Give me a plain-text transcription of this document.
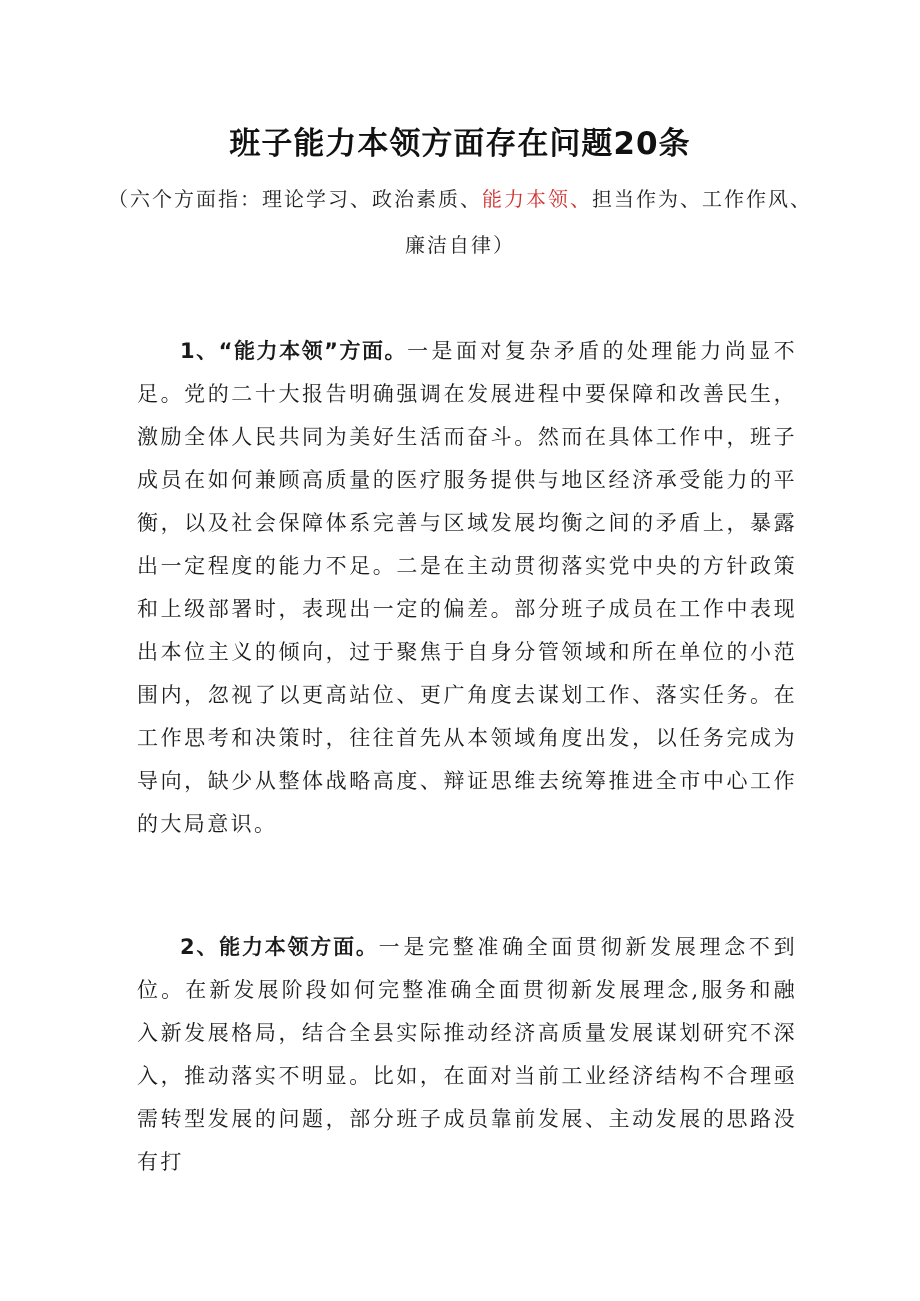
班子能力本领方面存在问题20条

（六个方面指：理论学习、政治素质、能力本领、担当作为、工作作风、廉洁自律）

1、“能力本领”方面。一是面对复杂矛盾的处理能力尚显不足。党的二十大报告明确强调在发展进程中要保障和改善民生，激励全体人民共同为美好生活而奋斗。然而在具体工作中，班子成员在如何兼顾高质量的医疗服务提供与地区经济承受能力的平衡，以及社会保障体系完善与区域发展均衡之间的矛盾上，暴露出一定程度的能力不足。二是在主动贯彻落实党中央的方针政策和上级部署时，表现出一定的偏差。部分班子成员在工作中表现出本位主义的倾向，过于聚焦于自身分管领域和所在单位的小范围内，忽视了以更高站位、更广角度去谋划工作、落实任务。在工作思考和决策时，往往首先从本领域角度出发，以任务完成为导向，缺少从整体战略高度、辩证思维去统筹推进全市中心工作的大局意识。

2、能力本领方面。一是完整准确全面贯彻新发展理念不到位。在新发展阶段如何完整准确全面贯彻新发展理念,服务和融入新发展格局，结合全县实际推动经济高质量发展谋划研究不深入，推动落实不明显。比如，在面对当前工业经济结构不合理亟需转型发展的问题，部分班子成员靠前发展、主动发展的思路没有打
